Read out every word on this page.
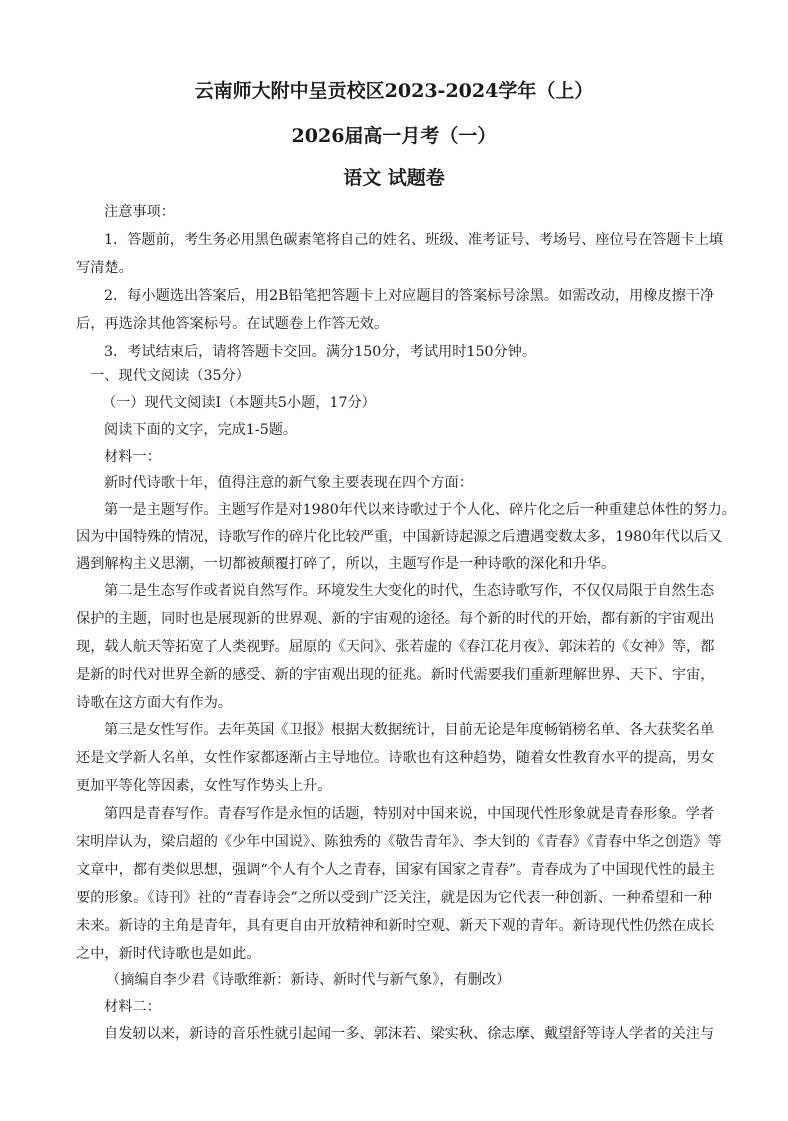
云南师大附中呈贡校区2023-2024学年（上）
2026届高一月考（一）
语文 试题卷
注意事项：
1．答题前，考生务必用黑色碳素笔将自己的姓名、班级、准考证号、考场号、座位号在答题卡上填
写清楚。
2．每小题选出答案后，用2B铅笔把答题卡上对应题目的答案标号涂黑。如需改动，用橡皮擦干净
后，再选涂其他答案标号。在试题卷上作答无效。
3．考试结束后，请将答题卡交回。满分150分，考试用时150分钟。
一、现代文阅读（35分）
（一）现代文阅读Ⅰ（本题共5小题，17分）
阅读下面的文字，完成1-5题。
材料一：
新时代诗歌十年，值得注意的新气象主要表现在四个方面：
第一是主题写作。主题写作是对1980年代以来诗歌过于个人化、碎片化之后一种重建总体性的努力。
因为中国特殊的情况，诗歌写作的碎片化比较严重，中国新诗起源之后遭遇变数太多，1980年代以后又
遇到解构主义思潮，一切都被颠覆打碎了，所以，主题写作是一种诗歌的深化和升华。
第二是生态写作或者说自然写作。环境发生大变化的时代，生态诗歌写作，不仅仅局限于自然生态
保护的主题，同时也是展现新的世界观、新的宇宙观的途径。每个新的时代的开始，都有新的宇宙观出
现，载人航天等拓宽了人类视野。屈原的《天问》、张若虚的《春江花月夜》、郭沫若的《女神》等，都
是新的时代对世界全新的感受、新的宇宙观出现的征兆。新时代需要我们重新理解世界、天下、宇宙，
诗歌在这方面大有作为。
第三是女性写作。去年英国《卫报》根据大数据统计，目前无论是年度畅销榜名单、各大获奖名单
还是文学新人名单，女性作家都逐渐占主导地位。诗歌也有这种趋势，随着女性教育水平的提高，男女
更加平等化等因素，女性写作势头上升。
第四是青春写作。青春写作是永恒的话题，特别对中国来说，中国现代性形象就是青春形象。学者
宋明岸认为，梁启超的《少年中国说》、陈独秀的《敬告青年》、李大钊的《青春》《青春中华之创造》等
文章中，都有类似思想，强调“个人有个人之青春，国家有国家之青春”。青春成为了中国现代性的最主
要的形象。《诗刊》社的“青春诗会”之所以受到广泛关注，就是因为它代表一种创新、一种希望和一种
未来。新诗的主角是青年，具有更自由开放精神和新时空观、新天下观的青年。新诗现代性仍然在成长
之中，新时代诗歌也是如此。
（摘编自李少君《诗歌维新：新诗、新时代与新气象》，有删改）
材料二：
自发轫以来，新诗的音乐性就引起闻一多、郭沫若、梁实秋、徐志摩、戴望舒等诗人学者的关注与
